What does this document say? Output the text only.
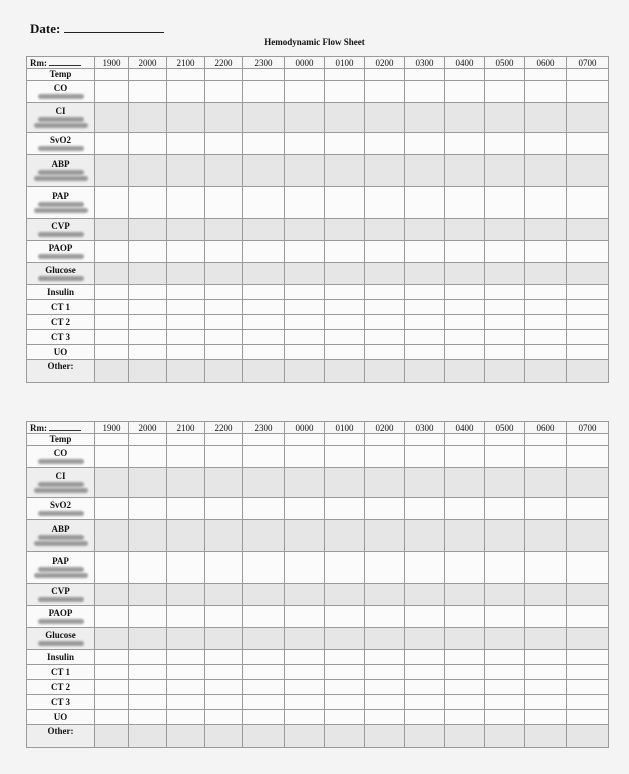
Date:
Hemodynamic Flow Sheet
Rm:	1900	2000	2100	2200	2300	0000	0100	0200	0300	0400	0500	0600	0700
Temp													
CO

CI

SvO2

ABP

PAP

CVP

PAOP

Glucose

Insulin													
CT 1													
CT 2													
CT 3													
UO													
Other:													
Rm:	1900	2000	2100	2200	2300	0000	0100	0200	0300	0400	0500	0600	0700
Temp													
CO

CI

SvO2

ABP

PAP

CVP

PAOP

Glucose

Insulin													
CT 1													
CT 2													
CT 3													
UO													
Other:													
